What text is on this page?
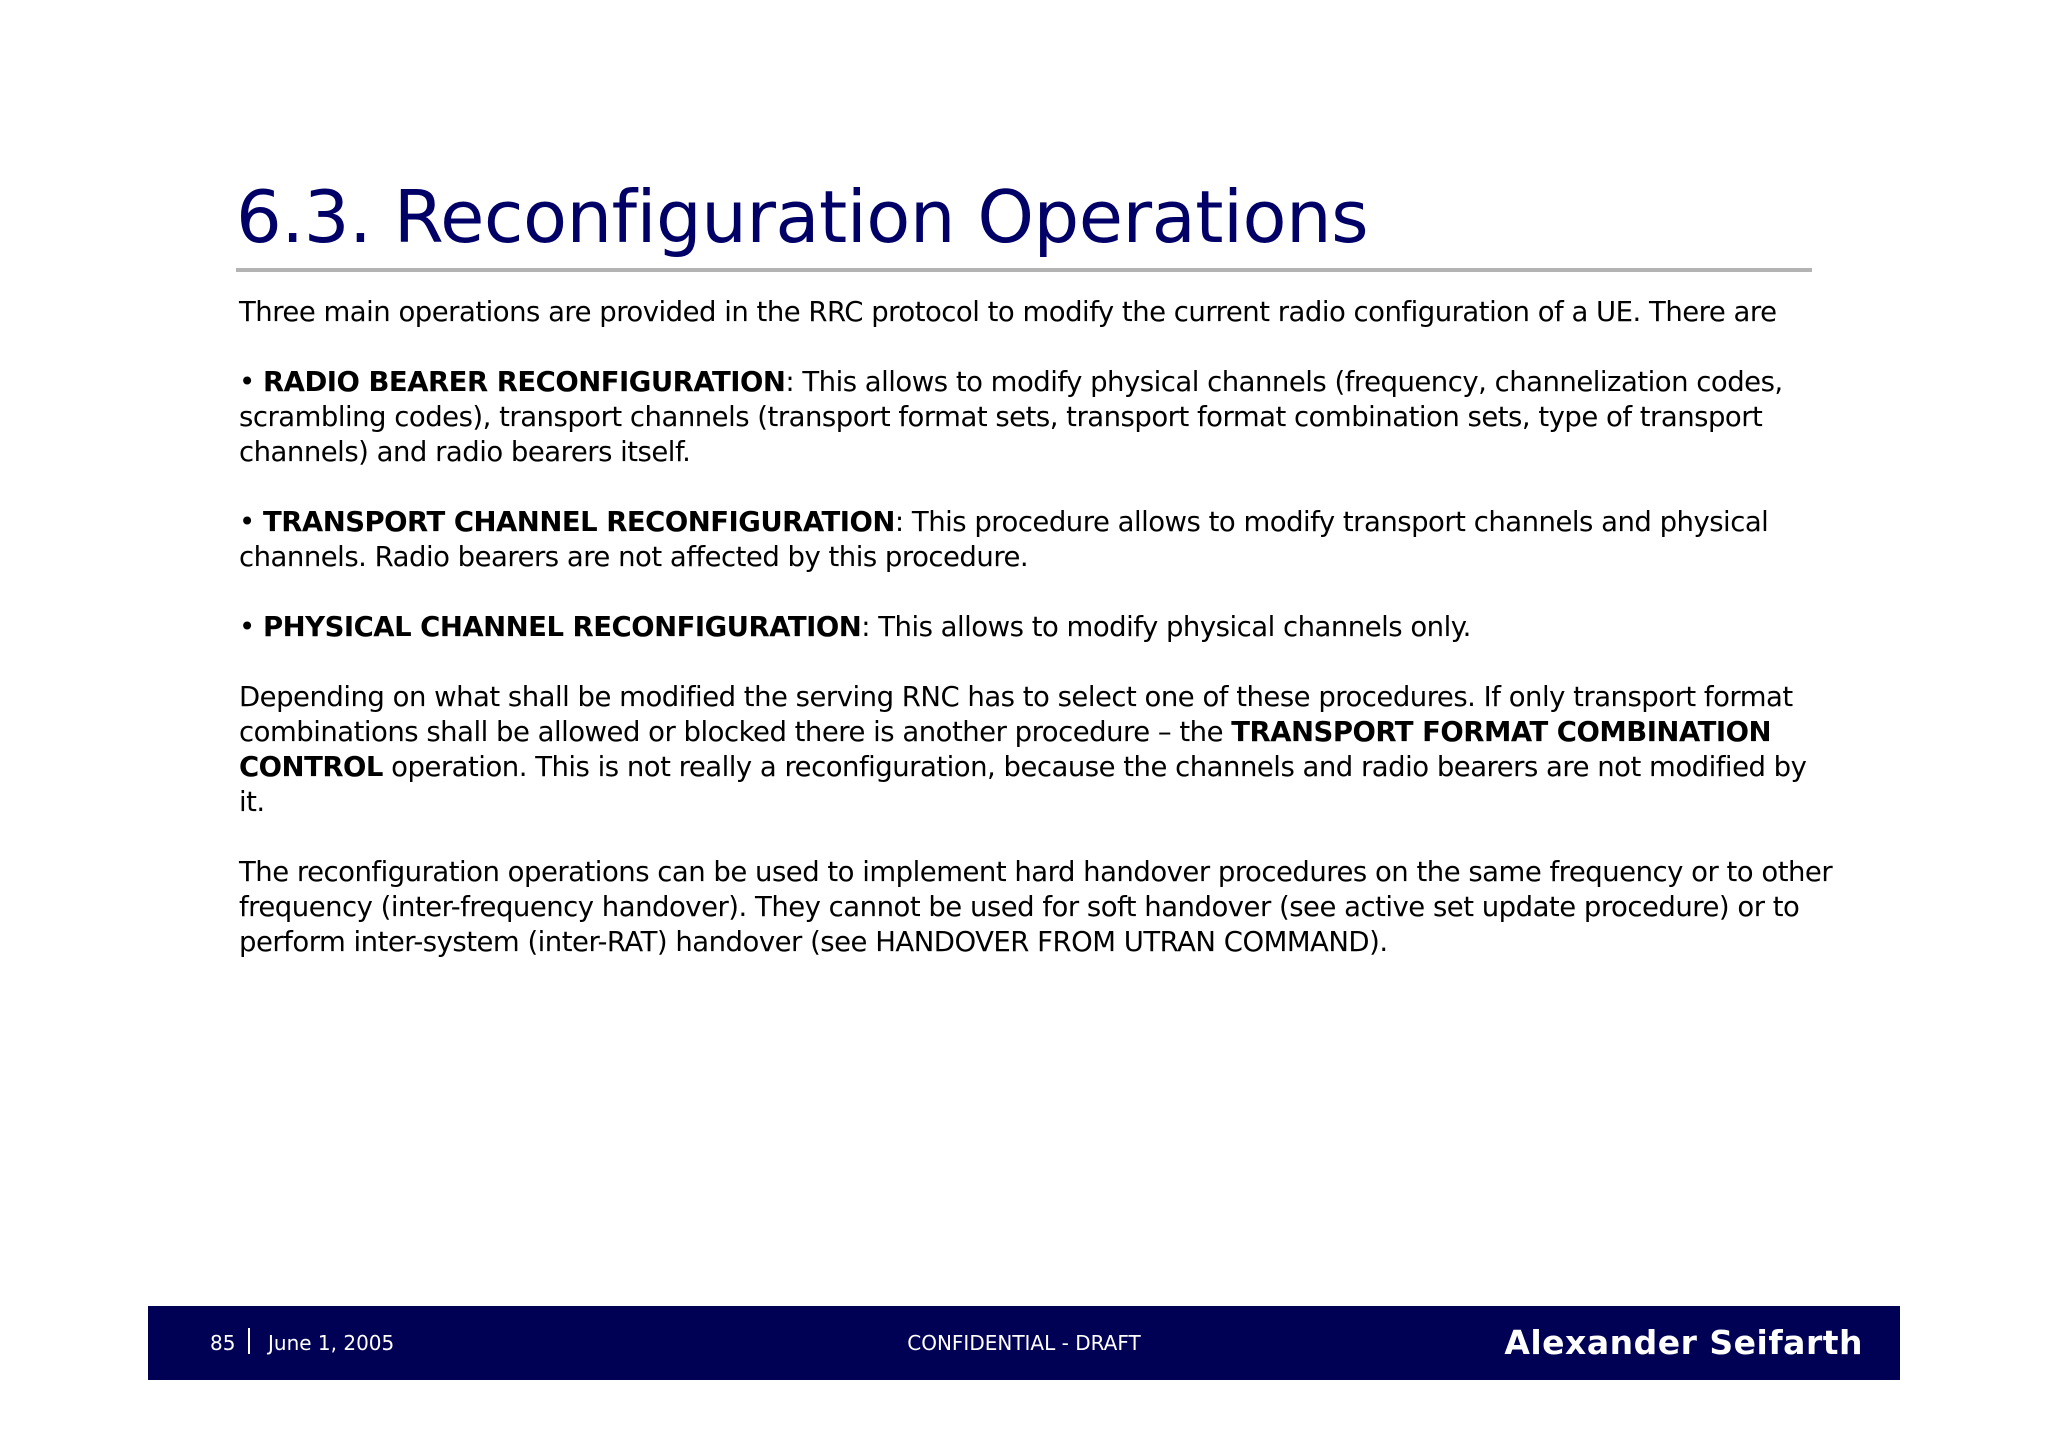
6.3. Reconfiguration Operations

Three main operations are provided in the RRC protocol to modify the current radio configuration of a UE. There are

• RADIO BEARER RECONFIGURATION: This allows to modify physical channels (frequency, channelization codes, scrambling codes), transport channels (transport format sets, transport format combination sets, type of transport channels) and radio bearers itself.

• TRANSPORT CHANNEL RECONFIGURATION: This procedure allows to modify transport channels and physical channels. Radio bearers are not affected by this procedure.

• PHYSICAL CHANNEL RECONFIGURATION: This allows to modify physical channels only.

Depending on what shall be modified the serving RNC has to select one of these procedures. If only transport format combinations shall be allowed or blocked there is another procedure – the TRANSPORT FORMAT COMBINATION CONTROL operation. This is not really a reconfiguration, because the channels and radio bearers are not modified by it.

The reconfiguration operations can be used to implement hard handover procedures on the same frequency or to other frequency (inter-frequency handover). They cannot be used for soft handover (see active set update procedure) or to perform inter-system (inter-RAT) handover (see HANDOVER FROM UTRAN COMMAND).

85 June 1, 2005	CONFIDENTIAL - DRAFT	Alexander Seifarth
